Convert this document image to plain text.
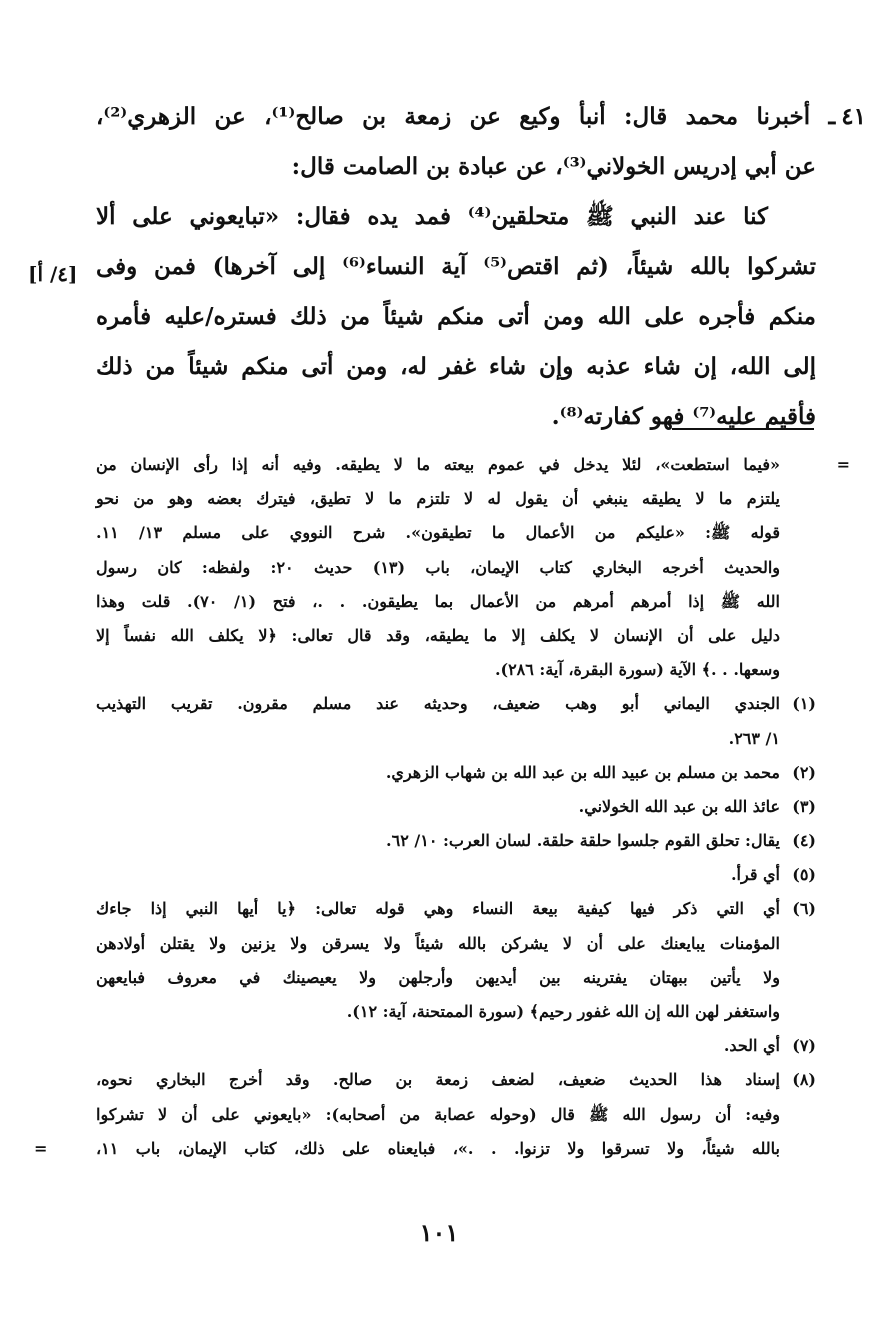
٤١ـ أخبرنا محمد قال: أنبأ وكيع عن زمعة بن صالح⁽¹⁾، عن الزهري⁽²⁾،
عن أبي إدريس الخولاني⁽³⁾، عن عبادة بن الصامت قال:
كنا عند النبي ﷺ متحلقين⁽⁴⁾ فمد يده فقال: «تبايعوني على ألا
تشركوا بالله شيئاً، (ثم اقتص⁽⁵⁾ آية النساء⁽⁶⁾ إلى آخرها) فمن وفى
منكم فأجره على الله ومن أتى منكم شيئاً من ذلك فستره/عليه فأمره
إلى الله، إن شاء عذبه وإن شاء غفر له، ومن أتى منكم شيئاً من ذلك
فأقيم عليه⁽⁷⁾ فهو كفارته⁽⁸⁾.
[٤/ أ]
=
«فيما استطعت»، لئلا يدخل في عموم بيعته ما لا يطيقه. وفيه أنه إذا رأى الإنسان من
يلتزم ما لا يطيقه ينبغي أن يقول له لا تلتزم ما لا تطيق، فيترك بعضه وهو من نحو
قوله ﷺ: «عليكم من الأعمال ما تطيقون». شرح النووي على مسلم ١٣/ ١١.
والحديث أخرجه البخاري كتاب الإيمان، باب (١٣) حديث ٢٠: ولفظه: كان رسول
الله ﷺ إذا أمرهم أمرهم من الأعمال بما يطيقون. . .، فتح (١/ ٧٠). قلت وهذا
دليل على أن الإنسان لا يكلف إلا ما يطيقه، وقد قال تعالى: ﴿لا يكلف الله نفساً إلا
وسعها. . .﴾ الآية (سورة البقرة، آية: ٢٨٦).
(١)الجندي اليماني أبو وهب ضعيف، وحديثه عند مسلم مقرون. تقريب التهذيب
١/ ٢٦٣.
(٢)محمد بن مسلم بن عبيد الله بن عبد الله بن شهاب الزهري.
(٣)عائذ الله بن عبد الله الخولاني.
(٤)يقال: تحلق القوم جلسوا حلقة حلقة. لسان العرب: ١٠/ ٦٢.
(٥)أي قرأ.
(٦)أي التي ذكر فيها كيفية بيعة النساء وهي قوله تعالى: ﴿يا أيها النبي إذا جاءك
المؤمنات يبايعنك على أن لا يشركن بالله شيئاً ولا يسرقن ولا يزنين ولا يقتلن أولادهن
ولا يأتين ببهتان يفترينه بين أيديهن وأرجلهن ولا يعيصينك في معروف فبايعهن
واستغفر لهن الله إن الله غفور رحيم﴾ (سورة الممتحنة، آية: ١٢).
(٧)أي الحد.
(٨)إسناد هذا الحديث ضعيف، لضعف زمعة بن صالح. وقد أخرج البخاري نحوه،
وفيه: أن رسول الله ﷺ قال (وحوله عصابة من أصحابه): «بايعوني على أن لا تشركوا
بالله شيئاً، ولا تسرقوا ولا تزنوا. . .»، فبايعناه على ذلك، كتاب الإيمان، باب ١١،
=
١٠١
